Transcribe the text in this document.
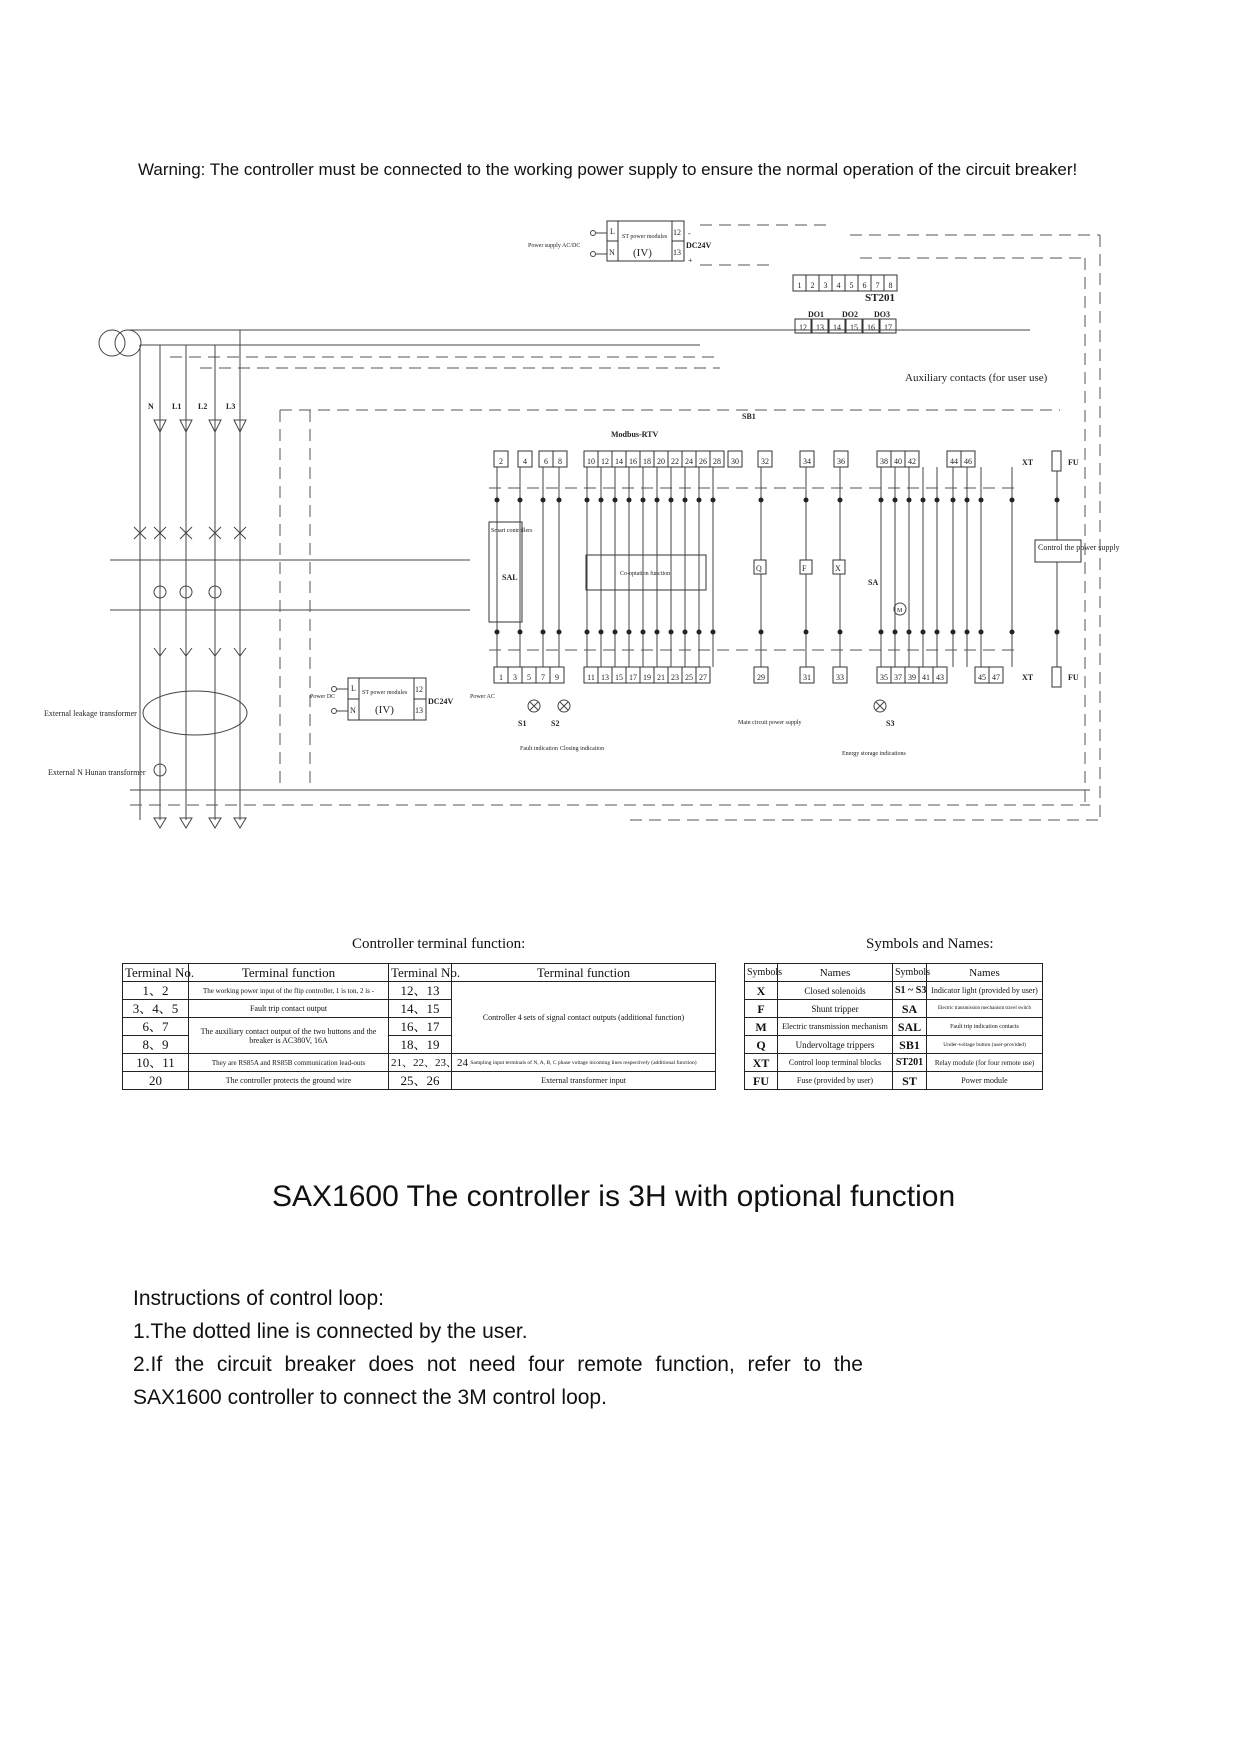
Warning: The controller must be connected to the working power supply to ensure the normal operation of the circuit breaker!
L
N
ST power modules
(IV)
12
13
DC24V
-
+
Power supply AC/DC
1 2 3 4 5 6 7 8
ST201
DO1 DO2 DO3
12 13 14 15 16 17
Auxiliary contacts (for user use)
N L1 L2 L3
Smart controllers
SAL	Co-optation function
Modbus-RTV
SB1
2	4 6 8	10 12 14 16 18 20 22 24 26 28 30	32	34	36	38 40 42	44 46
1 3 5 7 9	11 13 15 17 19 21 23 25 27	29	31	33	35 37 39 41 43	45 47
XT	FU
XT	FU
Q	F	X
SA
M
Control the power supply
L
N
ST power modules
(IV)
12
13
DC24V
Power DC	Power AC
S1	S2	S3
Fault indication Closing indication
Main circuit power supply
Energy storage indications
External leakage transformer
External N Hunan transformer
Controller terminal function:
Terminal No.	Terminal function	Terminal No.	Terminal function
1、2	The working power input of the flip controller, 1 is ton, 2 is -	12、13	Controller 4 sets of signal contact outputs (additional function)
3、4、5	Fault trip contact output	14、15	
6、7	The auxiliary contact output of the two buttons and the breaker is AC380V, 16A	16、17	
8、9		18、19	
10、11	They are RS85A and RS85B communication lead-outs	21、22、23、24	Sampling input terminals of N, A, B, C phase voltage incoming lines respectively (additional function)
20	The controller protects the ground wire	25、26	External transformer input
Symbols and Names:
Symbols	Names	Symbols	Names
X	Closed solenoids	S1 ~ S3	Indicator light (provided by user)
F	Shunt tripper	SA	Electric transmission mechanism travel switch
M	Electric transmission mechanism	SAL	Fault trip indication contacts
Q	Undervoltage trippers	SB1	Under-voltage button (user-provided)
XT	Control loop terminal blocks	ST201	Relay module (for four remote use)
FU	Fuse (provided by user)	ST	Power module
SAX1600 The controller is 3H with optional function

Instructions of control loop:

1.The dotted line is connected by the user.

2.If the circuit breaker does not need four remote function, refer to the SAX1600 controller to connect the 3M control loop.
